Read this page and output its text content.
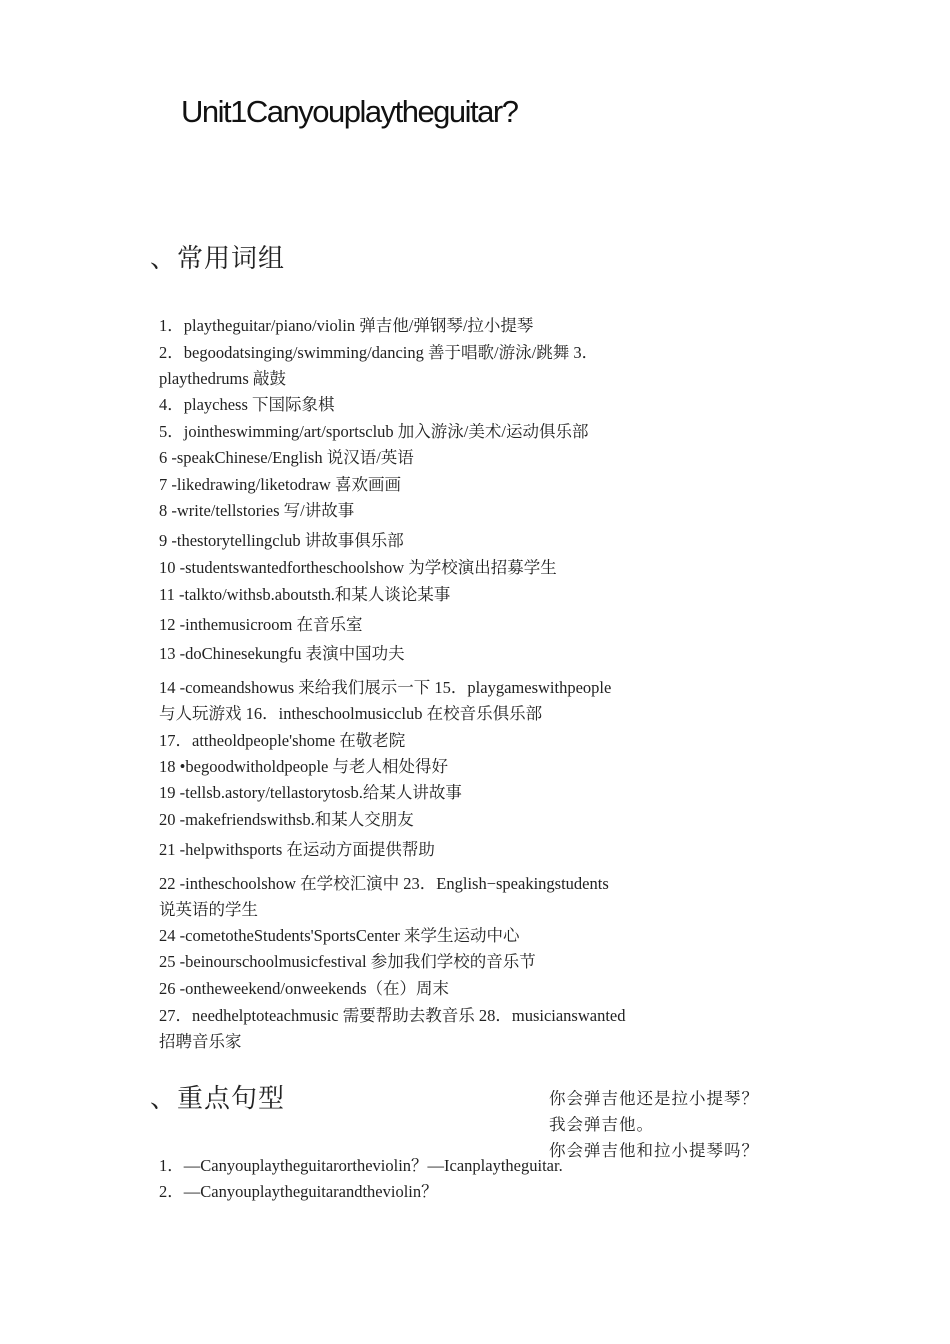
Unit1Canyouplaytheguitar?
、常用词组
1．playtheguitar/piano/violin 弹吉他/弹钢琴/拉小提琴
2．begoodatsinging/swimming/dancing 善于唱歌/游泳/跳舞 3．
playthedrums 敲鼓
4．playchess 下国际象棋
5．jointheswimming/art/sportsclub 加入游泳/美术/运动俱乐部
6 -speakChinese/English 说汉语/英语
7 -likedrawing/liketodraw 喜欢画画
8 -write/tellstories 写/讲故事
9 -thestorytellingclub 讲故事俱乐部
10 -studentswantedfortheschoolshow 为学校演出招募学生
11 -talkto/withsb.aboutsth.和某人谈论某事
12 -inthemusicroom 在音乐室
13 -doChinesekungfu 表演中国功夫
14 -comeandshowus 来给我们展示一下 15．playgameswithpeople
与人玩游戏 16．intheschoolmusicclub 在校音乐俱乐部
17．attheoldpeople'shome 在敬老院
18 •begoodwitholdpeople 与老人相处得好
19 -tellsb.astory/tellastorytosb.给某人讲故事
20 -makefriendswithsb.和某人交朋友
21 -helpwithsports 在运动方面提供帮助
22 -intheschoolshow 在学校汇演中 23．English−speakingstudents
说英语的学生
24 -cometotheStudents'SportsCenter 来学生运动中心
25 -beinourschoolmusicfestival 参加我们学校的音乐节
26 -ontheweekend/onweekends（在）周末
27．needhelptoteachmusic 需要帮助去教音乐 28．musicianswanted
招聘音乐家
、重点句型	你会弹吉他还是拉小提琴？
我会弹吉他。
你会弹吉他和拉小提琴吗？
1．—Canyouplaytheguitarortheviolin？—Icanplaytheguitar.
2．—Canyouplaytheguitarandtheviolin？
